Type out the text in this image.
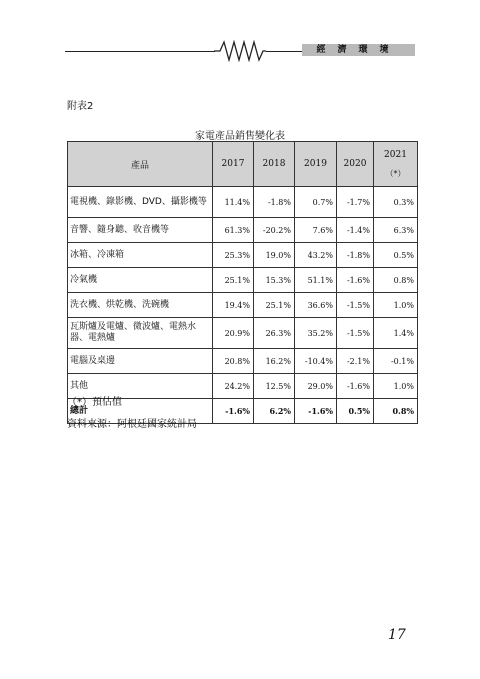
經濟環境
附表2
家電產品銷售變化表
產品	2017	2018	2019	2020	2021
（*）

電視機、錄影機、DVD、攝影機等	11.4%	-1.8%	0.7%	-1.7%	0.3%
音響、隨身聽、收音機等	61.3%	-20.2%	7.6%	-1.4%	6.3%
冰箱、冷凍箱	25.3%	19.0%	43.2%	-1.8%	0.5%
冷氣機	25.1%	15.3%	51.1%	-1.6%	0.8%
洗衣機、烘乾機、洗碗機	19.4%	25.1%	36.6%	-1.5%	1.0%
瓦斯爐及電爐、微波爐、電熱水器、電熱爐	20.9%	26.3%	35.2%	-1.5%	1.4%
電腦及桌邊	20.8%	16.2%	-10.4%	-2.1%	-0.1%
其他	24.2%	12.5%	29.0%	-1.6%	1.0%
總計	-1.6%	6.2%	-1.6%	0.5%	0.8%
（*）預估值
資料來源：阿根廷國家統計局
17
